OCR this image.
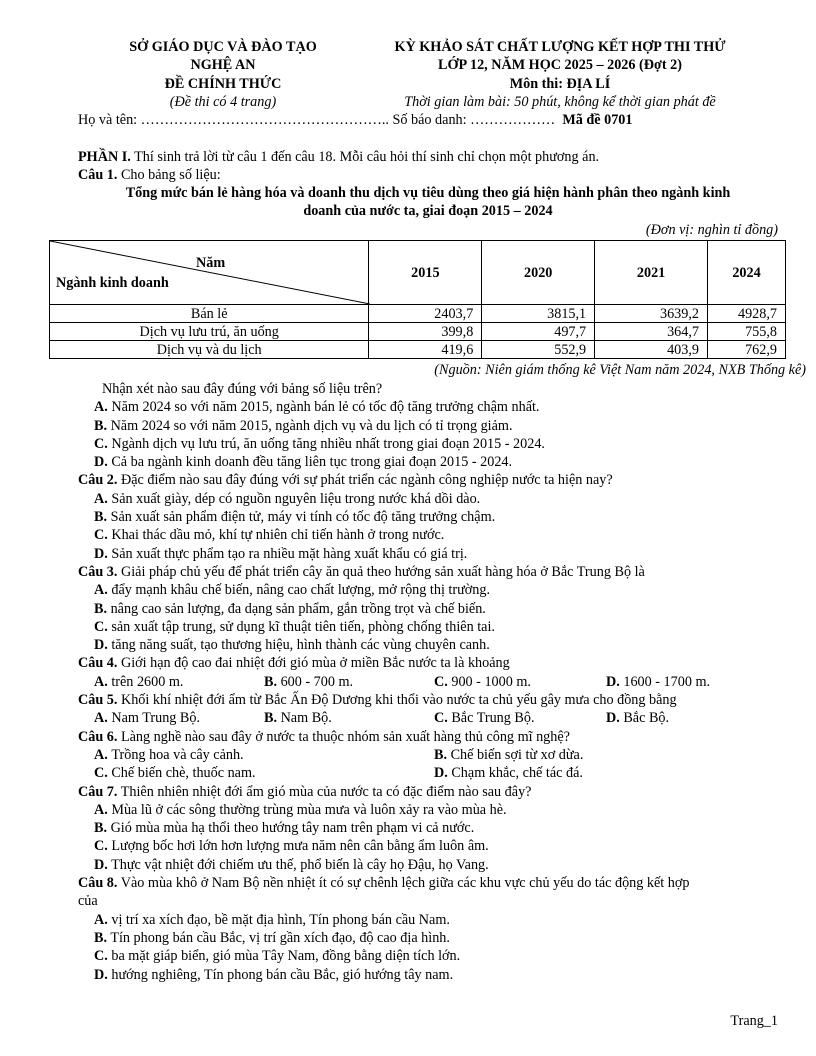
SỞ GIÁO DỤC VÀ ĐÀO TẠO
NGHỆ AN
ĐỀ CHÍNH THỨC
(Đề thi có 4 trang)
KỲ KHẢO SÁT CHẤT LƯỢNG KẾT HỢP THI THỬ
LỚP 12, NĂM HỌC 2025 – 2026 (Đợt 2)
Môn thi: ĐỊA LÍ
Thời gian làm bài: 50 phút, không kể thời gian phát đề
Họ và tên: …………………………………………….. Số báo danh: ……………… Mã đề 0701
PHẦN I. Thí sinh trả lời từ câu 1 đến câu 18. Mỗi câu hỏi thí sinh chỉ chọn một phương án.
Câu 1. Cho bảng số liệu:
Tổng mức bán lẻ hàng hóa và doanh thu dịch vụ tiêu dùng theo giá hiện hành phân theo ngành kinh
doanh của nước ta, giai đoạn 2015 – 2024
(Đơn vị: nghìn tỉ đồng)
Năm
Ngành kinh doanh	2015	2020	2021	2024
Bán lẻ	2403,7	3815,1	3639,2	4928,7
Dịch vụ lưu trú, ăn uống	399,8	497,7	364,7	755,8
Dịch vụ và du lịch	419,6	552,9	403,9	762,9
(Nguồn: Niên giám thống kê Việt Nam năm 2024, NXB Thống kê)
Nhận xét nào sau đây đúng với bảng số liệu trên?
A. Năm 2024 so với năm 2015, ngành bán lẻ có tốc độ tăng trưởng chậm nhất.
B. Năm 2024 so với năm 2015, ngành dịch vụ và du lịch có tỉ trọng giảm.
C. Ngành dịch vụ lưu trú, ăn uống tăng nhiều nhất trong giai đoạn 2015 - 2024.
D. Cả ba ngành kinh doanh đều tăng liên tục trong giai đoạn 2015 - 2024.
Câu 2. Đặc điểm nào sau đây đúng với sự phát triển các ngành công nghiệp nước ta hiện nay?
A. Sản xuất giày, dép có nguồn nguyên liệu trong nước khá dồi dào.
B. Sản xuất sản phẩm điện tử, máy vi tính có tốc độ tăng trưởng chậm.
C. Khai thác dầu mỏ, khí tự nhiên chỉ tiến hành ở trong nước.
D. Sản xuất thực phẩm tạo ra nhiều mặt hàng xuất khẩu có giá trị.
Câu 3. Giải pháp chủ yếu để phát triển cây ăn quả theo hướng sản xuất hàng hóa ở Bắc Trung Bộ là
A. đẩy mạnh khâu chế biến, nâng cao chất lượng, mở rộng thị trường.
B. nâng cao sản lượng, đa dạng sản phẩm, gắn trồng trọt và chế biến.
C. sản xuất tập trung, sử dụng kĩ thuật tiên tiến, phòng chống thiên tai.
D. tăng năng suất, tạo thương hiệu, hình thành các vùng chuyên canh.
Câu 4. Giới hạn độ cao đai nhiệt đới gió mùa ở miền Bắc nước ta là khoảng
A. trên 2600 m.	B. 600 - 700 m.	C. 900 - 1000 m.	D. 1600 - 1700 m.
Câu 5. Khối khí nhiệt đới ẩm từ Bắc Ấn Độ Dương khi thổi vào nước ta chủ yếu gây mưa cho đồng bằng
A. Nam Trung Bộ.	B. Nam Bộ.	C. Bắc Trung Bộ.	D. Bắc Bộ.
Câu 6. Làng nghề nào sau đây ở nước ta thuộc nhóm sản xuất hàng thủ công mĩ nghệ?
A. Trồng hoa và cây cảnh.	B. Chế biến sợi từ xơ dừa.
C. Chế biến chè, thuốc nam.	D. Chạm khắc, chế tác đá.
Câu 7. Thiên nhiên nhiệt đới ẩm gió mùa của nước ta có đặc điểm nào sau đây?
A. Mùa lũ ở các sông thường trùng mùa mưa và luôn xảy ra vào mùa hè.
B. Gió mùa mùa hạ thổi theo hướng tây nam trên phạm vi cả nước.
C. Lượng bốc hơi lớn hơn lượng mưa năm nên cân bằng ẩm luôn âm.
D. Thực vật nhiệt đới chiếm ưu thế, phổ biến là cây họ Đậu, họ Vang.
Câu 8. Vào mùa khô ở Nam Bộ nền nhiệt ít có sự chênh lệch giữa các khu vực chủ yếu do tác động kết hợp
của
A. vị trí xa xích đạo, bề mặt địa hình, Tín phong bán cầu Nam.
B. Tín phong bán cầu Bắc, vị trí gần xích đạo, độ cao địa hình.
C. ba mặt giáp biển, gió mùa Tây Nam, đồng bằng diện tích lớn.
D. hướng nghiêng, Tín phong bán cầu Bắc, gió hướng tây nam.
Trang_1
